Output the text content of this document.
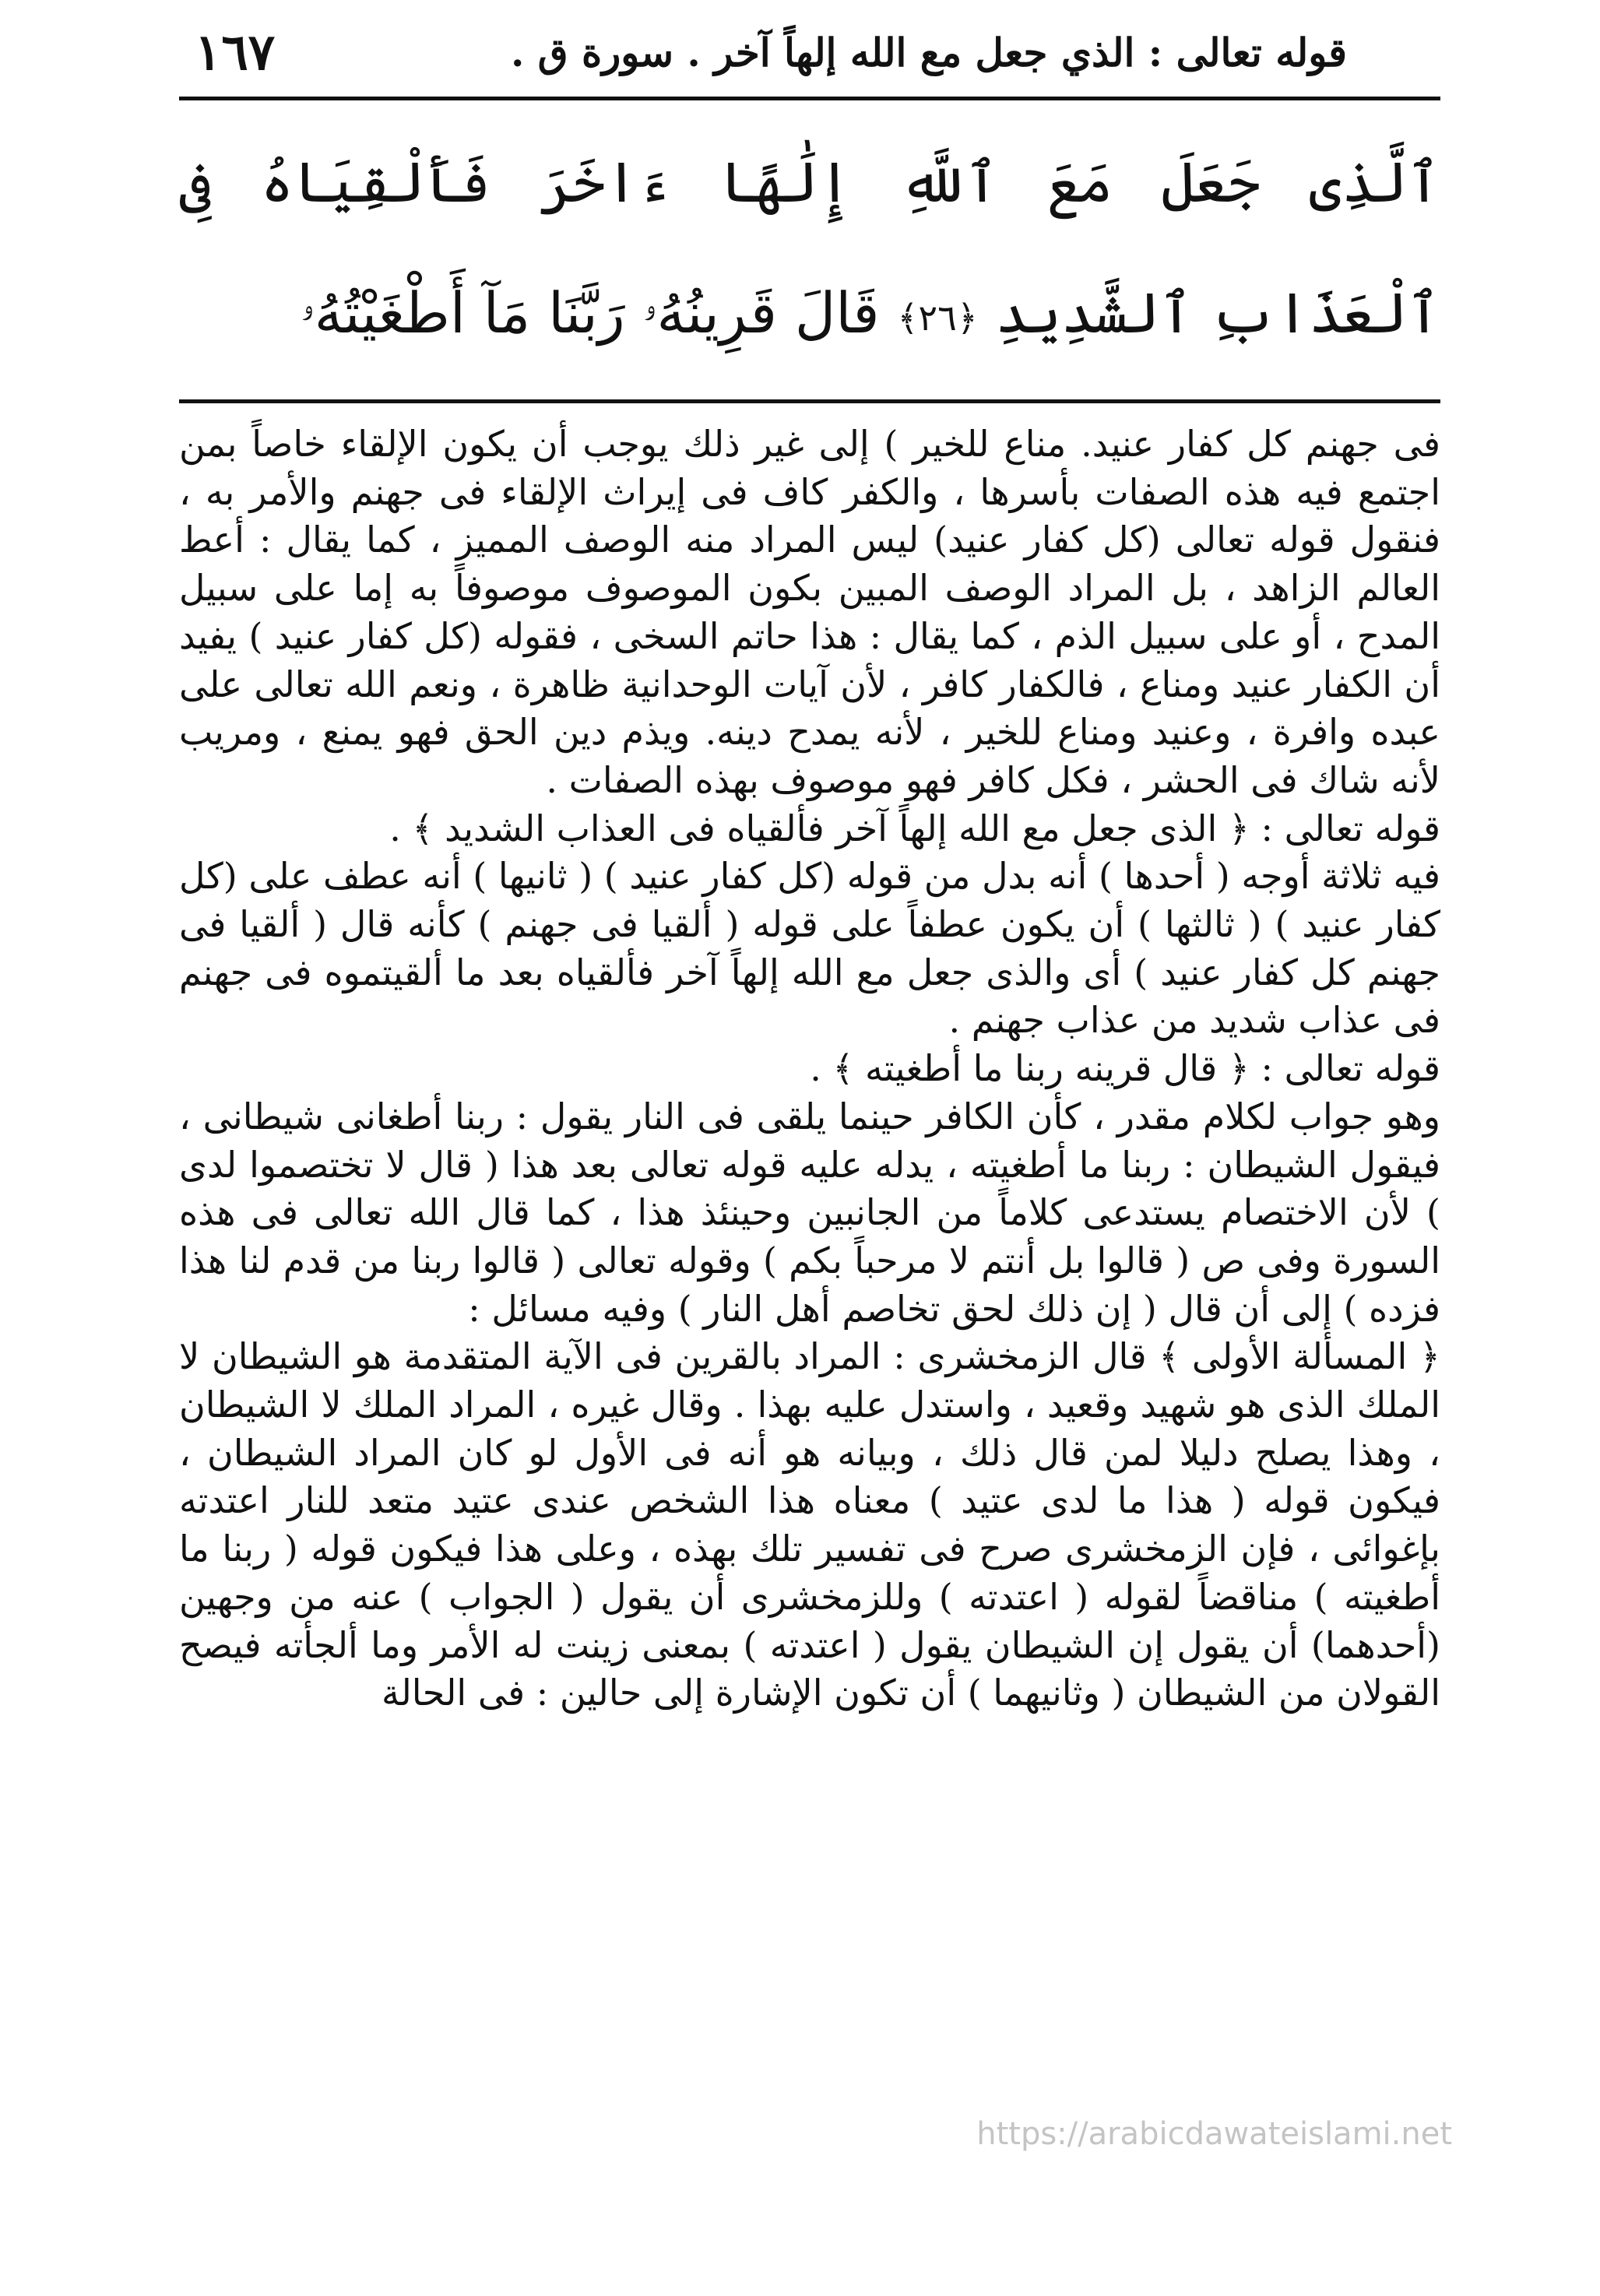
قوله تعالى : الذي جعل مع الله إلهاً آخر . سورة ق .
١٦٧
ٱلَّذِى جَعَلَ مَعَ ٱللَّهِ إِلَٰهًا ءَاخَرَ فَأَلْقِيَاهُ فِى ٱلْعَذَابِ ٱلشَّدِيدِ ﴿٢٦﴾ قَالَ قَرِينُهُۥ رَبَّنَا مَآ أَطْغَيْتُهُۥ

فى جهنم كل كفار عنيد. مناع للخير ) إلى غير ذلك يوجب أن يكون الإلقاء خاصاً بمن اجتمع فيه هذه الصفات بأسرها ، والكفر كاف فى إيراث الإلقاء فى جهنم والأمر به ، فنقول قوله تعالى (كل كفار عنيد) ليس المراد منه الوصف المميز ، كما يقال : أعط العالم الزاهد ، بل المراد الوصف المبين بكون الموصوف موصوفاً به إما على سبيل المدح ، أو على سبيل الذم ، كما يقال : هذا حاتم السخى ، فقوله (كل كفار عنيد ) يفيد أن الكفار عنيد ومناع ، فالكفار كافر ، لأن آيات الوحدانية ظاهرة ، ونعم الله تعالى على عبده وافرة ، وعنيد ومناع للخير ، لأنه يمدح دينه. ويذم دين الحق فهو يمنع ، ومريب لأنه شاك فى الحشر ، فكل كافر فهو موصوف بهذه الصفات .

قوله تعالى : ﴿ الذى جعل مع الله إلهاً آخر فألقياه فى العذاب الشديد ﴾ .

فيه ثلاثة أوجه ( أحدها ) أنه بدل من قوله (كل كفار عنيد ) ( ثانيها ) أنه عطف على (كل كفار عنيد ) ( ثالثها ) أن يكون عطفاً على قوله ( ألقيا فى جهنم ) كأنه قال ( ألقيا فى جهنم كل كفار عنيد ) أى والذى جعل مع الله إلهاً آخر فألقياه بعد ما ألقيتموه فى جهنم فى عذاب شديد من عذاب جهنم .

قوله تعالى : ﴿ قال قرينه ربنا ما أطغيته ﴾ .

وهو جواب لكلام مقدر ، كأن الكافر حينما يلقى فى النار يقول : ربنا أطغانى شيطانى ، فيقول الشيطان : ربنا ما أطغيته ، يدله عليه قوله تعالى بعد هذا ( قال لا تختصموا لدى ) لأن الاختصام يستدعى كلاماً من الجانبين وحينئذ هذا ، كما قال الله تعالى فى هذه السورة وفى ص ( قالوا بل أنتم لا مرحباً بكم ) وقوله تعالى ( قالوا ربنا من قدم لنا هذا فزده ) إلى أن قال ( إن ذلك لحق تخاصم أهل النار ) وفيه مسائل :

﴿ المسألة الأولى ﴾ قال الزمخشرى : المراد بالقرين فى الآية المتقدمة هو الشيطان لا الملك الذى هو شهيد وقعيد ، واستدل عليه بهذا . وقال غيره ، المراد الملك لا الشيطان ، وهذا يصلح دليلا لمن قال ذلك ، وبيانه هو أنه فى الأول لو كان المراد الشيطان ، فيكون قوله ( هذا ما لدى عتيد ) معناه هذا الشخص عندى عتيد متعد للنار اعتدته بإغوائى ، فإن الزمخشرى صرح فى تفسير تلك بهذه ، وعلى هذا فيكون قوله ( ربنا ما أطغيته ) مناقضاً لقوله ( اعتدته ) وللزمخشرى أن يقول ( الجواب ) عنه من وجهين (أحدهما) أن يقول إن الشيطان يقول ( اعتدته ) بمعنى زينت له الأمر وما ألجأته فيصح القولان من الشيطان ( وثانيهما ) أن تكون الإشارة إلى حالين : فى الحالة

https://arabicdawateislami.net
